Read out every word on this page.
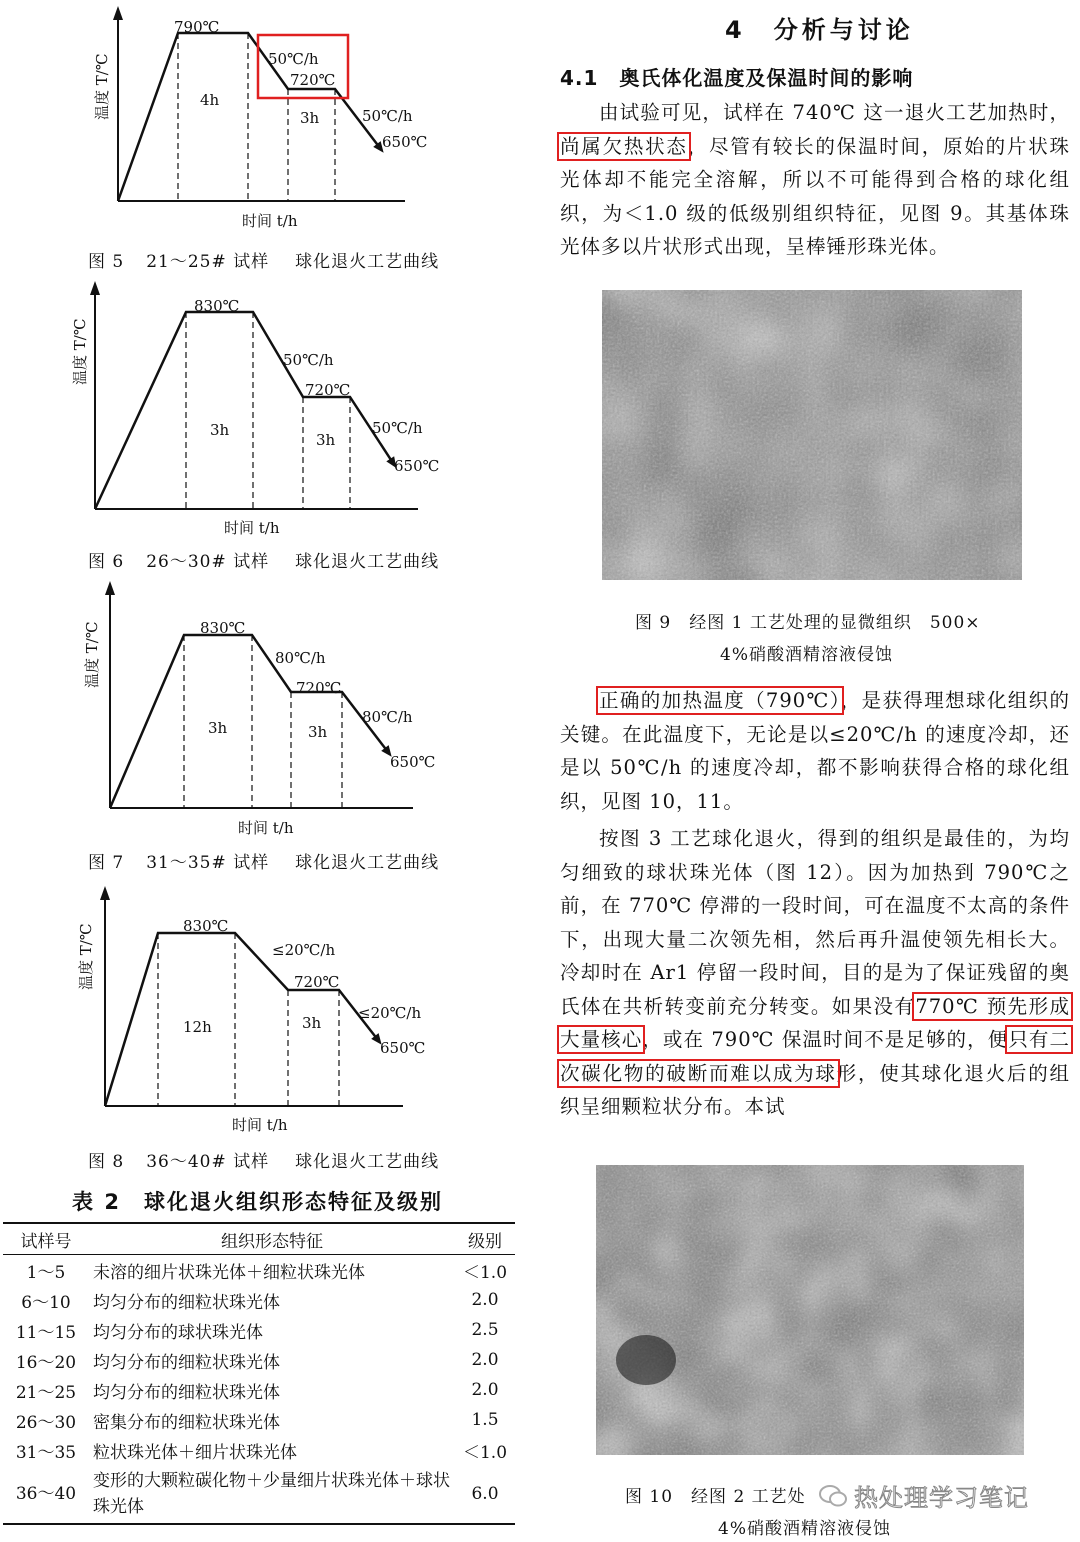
790℃
4h
50℃/h
720℃
3h	50℃/h
650℃
时间 t/h
温度 T/℃
图 5 21～25# 试样 球化退火工艺曲线
830℃
3h
50℃/h
720℃
3h
50℃/h
650℃
时间 t/h
温度 T/℃
图 6 26～30# 试样 球化退火工艺曲线
830℃
3h
80℃/h
720℃
3h
80℃/h
650℃
时间 t/h
温度 T/℃
图 7 31～35# 试样 球化退火工艺曲线
830℃
12h
≤20℃/h
720℃
3h
≤20℃/h
650℃
时间 t/h
温度 T/℃
图 8 36～40# 试样 球化退火工艺曲线
表 2　球化退火组织形态特征及级别
试样号	组织形态特征	级别
1～5	未溶的细片状珠光体＋细粒状珠光体	＜1.0
6～10	均匀分布的细粒状珠光体	2.0
11～15	均匀分布的球状珠光体	2.5
16～20	均匀分布的细粒状珠光体	2.0
21～25	均匀分布的细粒状珠光体	2.0
26～30	密集分布的细粒状珠光体	1.5
31～35	粒状珠光体＋细片状珠光体	＜1.0
36～40	变形的大颗粒碳化物＋少量细片状珠光体＋球状珠光体	6.0
4　分析与讨论
4.1　奥氏体化温度及保温时间的影响
由试验可见，试样在 740℃ 这一退火工艺加热时，尚属欠热状态，尽管有较长的保温时间，原始的片状珠光体却不能完全溶解，所以不可能得到合格的球化组织，为＜1.0 级的低级别组织特征，见图 9。其基体珠光体多以片状形式出现，呈棒锤形珠光体。
图 9　经图 1 工艺处理的显微组织　500×
4%硝酸酒精溶液侵蚀
正确的加热温度（790℃），是获得理想球化组织的关键。在此温度下，无论是以≤20℃/h 的速度冷却，还是以 50℃/h 的速度冷却，都不影响获得合格的球化组织，见图 10，11。
按图 3 工艺球化退火，得到的组织是最佳的，为均匀细致的球状珠光体（图 12）。因为加热到 790℃之前，在 770℃ 停滞的一段时间，可在温度不太高的条件下，出现大量二次领先相，然后再升温使领先相长大。冷却时在 Ar1 停留一段时间，目的是为了保证残留的奥氏体在共析转变前充分转变。如果没有770℃ 预先形成大量核心，或在 790℃ 保温时间不是足够的，便只有二次碳化物的破断而难以成为球形，使其球化退火后的组织呈细颗粒状分布。本试
图 10　经图 2 工艺处
4%硝酸酒精溶液侵蚀
热处理学习笔记
